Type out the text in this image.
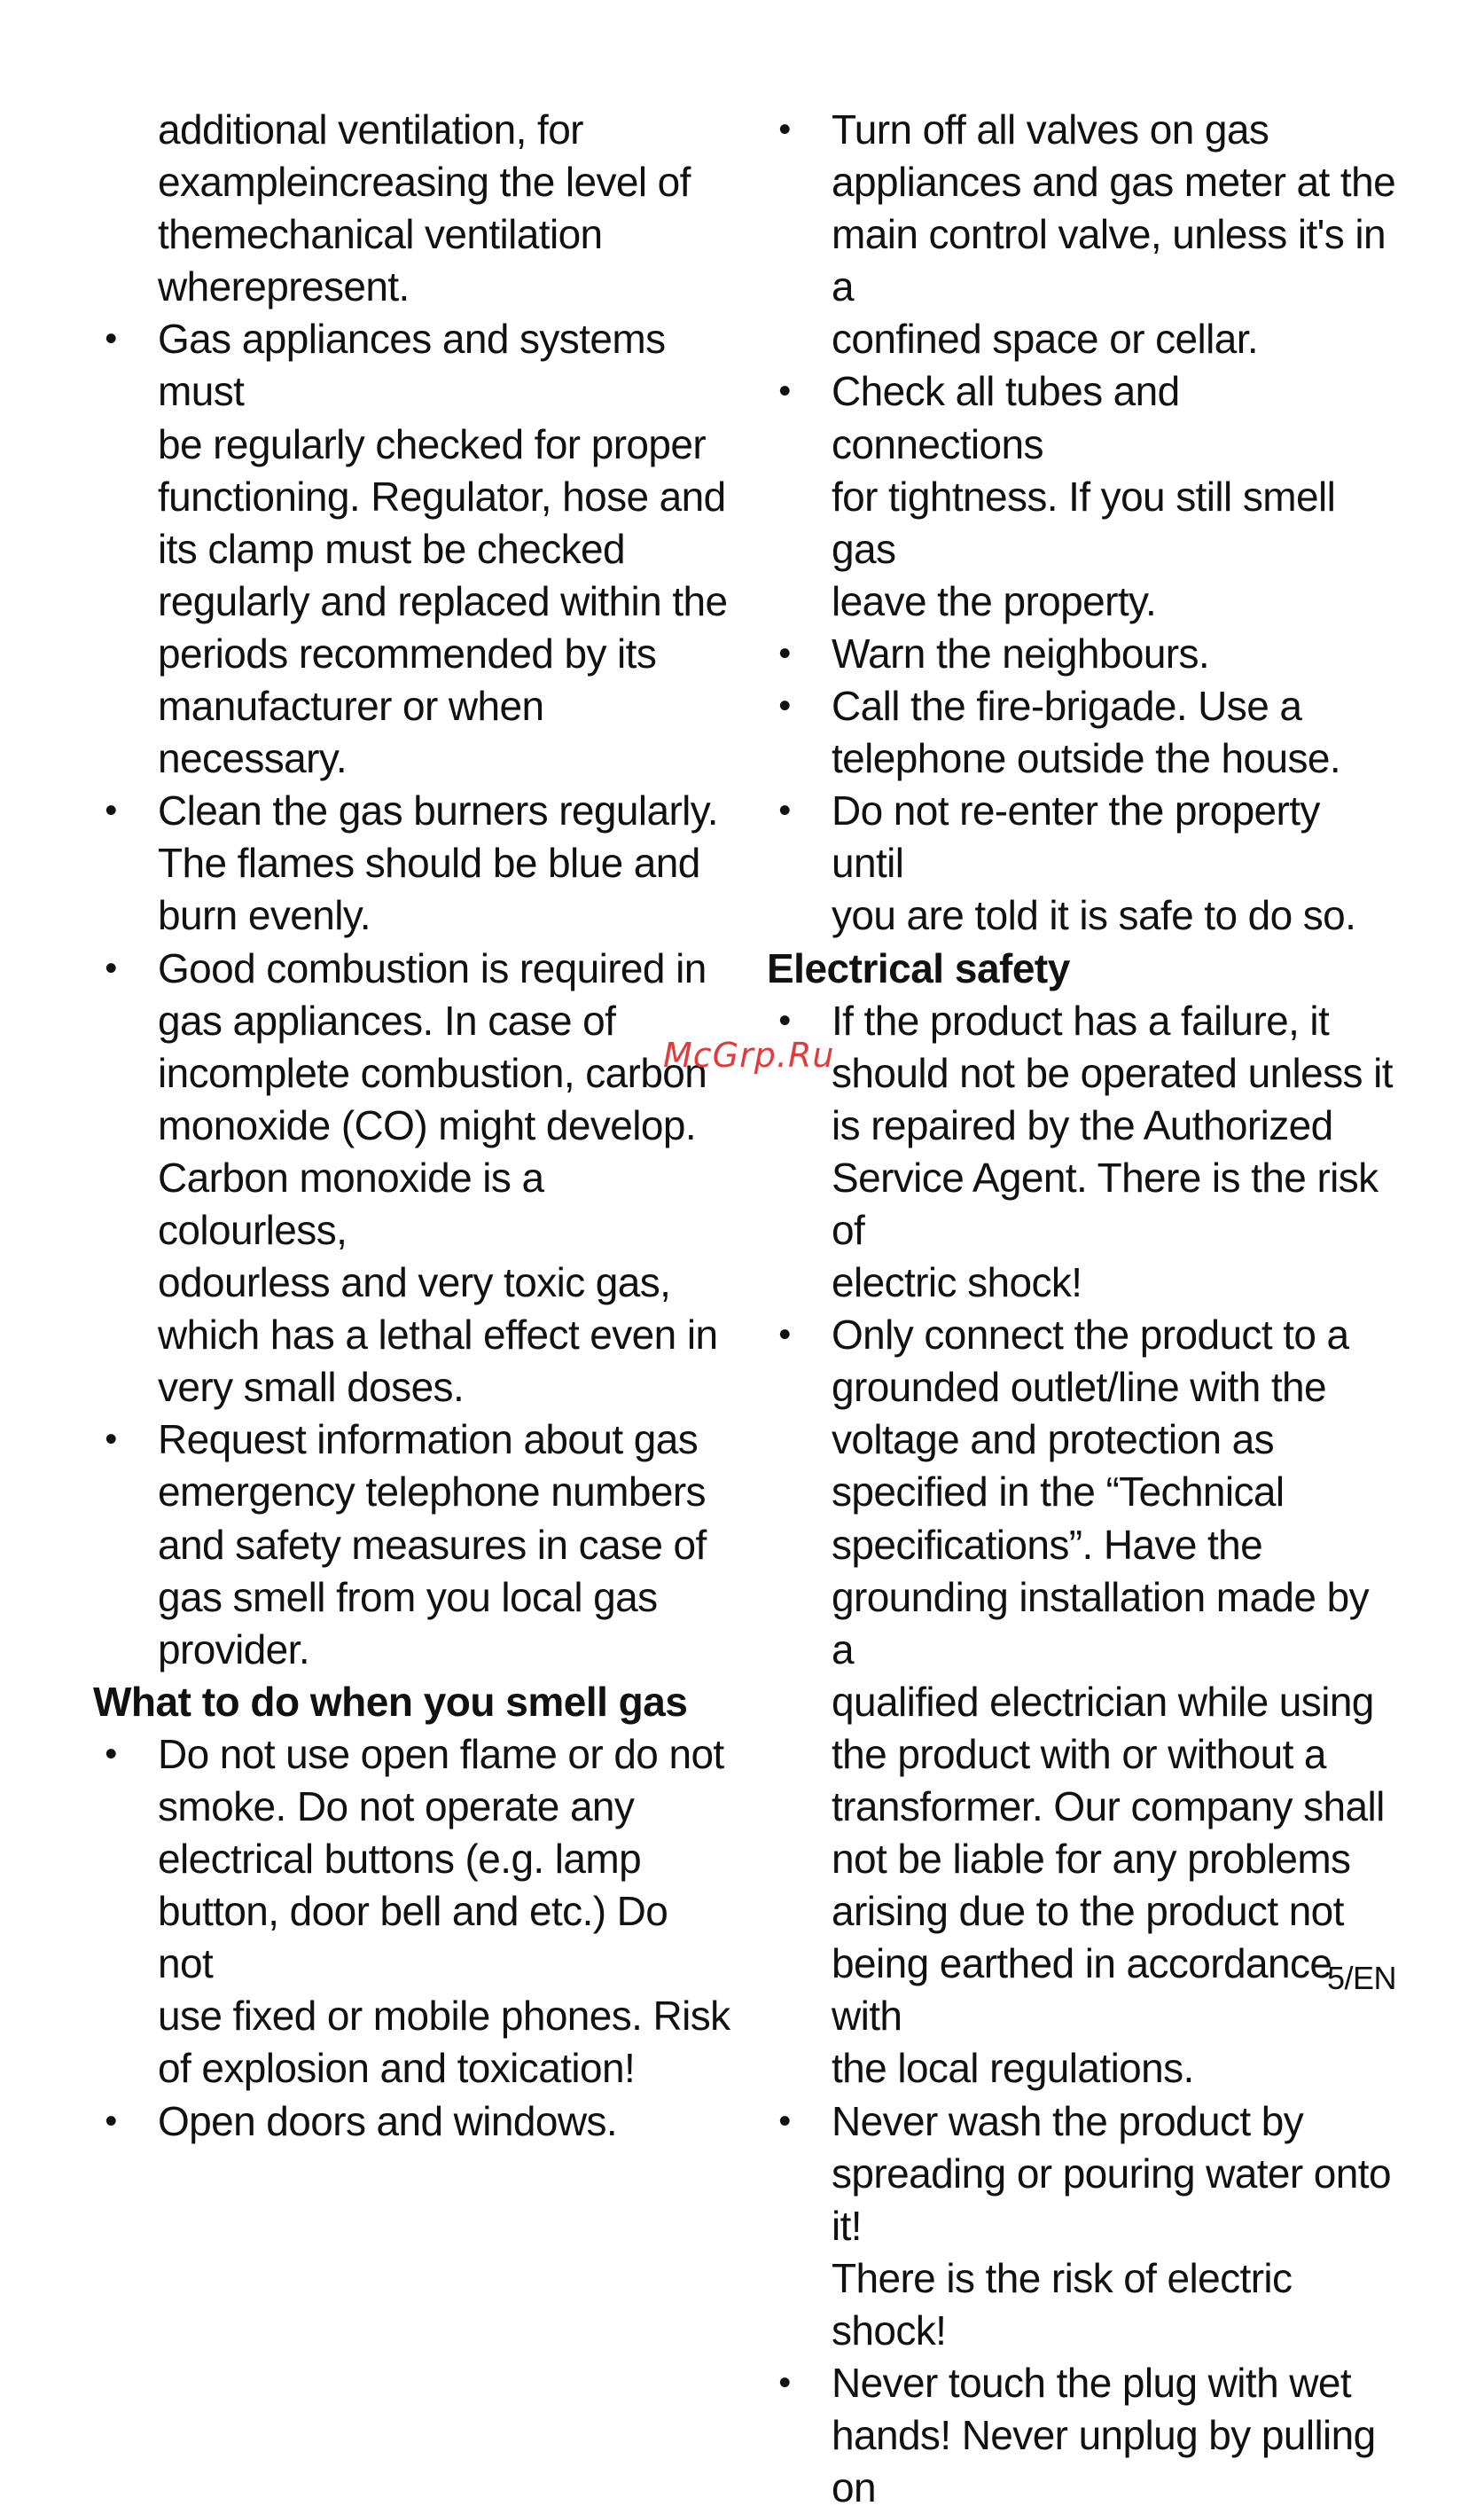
additional ventilation, for exampleincreasing the level of themechanical ventilation wherepresent.
• Gas appliances and systems must
be regularly checked for proper
functioning. Regulator, hose and
its clamp must be checked
regularly and replaced within the
periods recommended by its
manufacturer or when necessary.
• Clean the gas burners regularly.
The flames should be blue and
burn evenly.
• Good combustion is required in
gas appliances. In case of
incomplete combustion, carbon
monoxide (CO) might develop.
Carbon monoxide is a colourless,
odourless and very toxic gas,
which has a lethal effect even in
very small doses.
• Request information about gas
emergency telephone numbers
and safety measures in case of
gas smell from you local gas
provider.
What to do when you smell gas
• Do not use open flame or do not
smoke. Do not operate any
electrical buttons (e.g. lamp
button, door bell and etc.) Do not
use fixed or mobile phones. Risk
of explosion and toxication!
• Open doors and windows.
• Turn off all valves on gas
appliances and gas meter at the
main control valve, unless it's in a
confined space or cellar.
• Check all tubes and connections
for tightness. If you still smell gas
leave the property.
• Warn the neighbours.
• Call the fire-brigade. Use a
telephone outside the house.
• Do not re-enter the property until
you are told it is safe to do so.
Electrical safety
• If the product has a failure, it
should not be operated unless it
is repaired by the Authorized
Service Agent. There is the risk of
electric shock!
• Only connect the product to a
grounded outlet/line with the
voltage and protection as
specified in the “Technical
specifications”. Have the
grounding installation made by a
qualified electrician while using
the product with or without a
transformer. Our company shall
not be liable for any problems
arising due to the product not
being earthed in accordance with
the local regulations.
• Never wash the product by
spreading or pouring water onto it!
There is the risk of electric shock!
• Never touch the plug with wet
hands! Never unplug by pulling on
McGrp.Ru
5/EN
